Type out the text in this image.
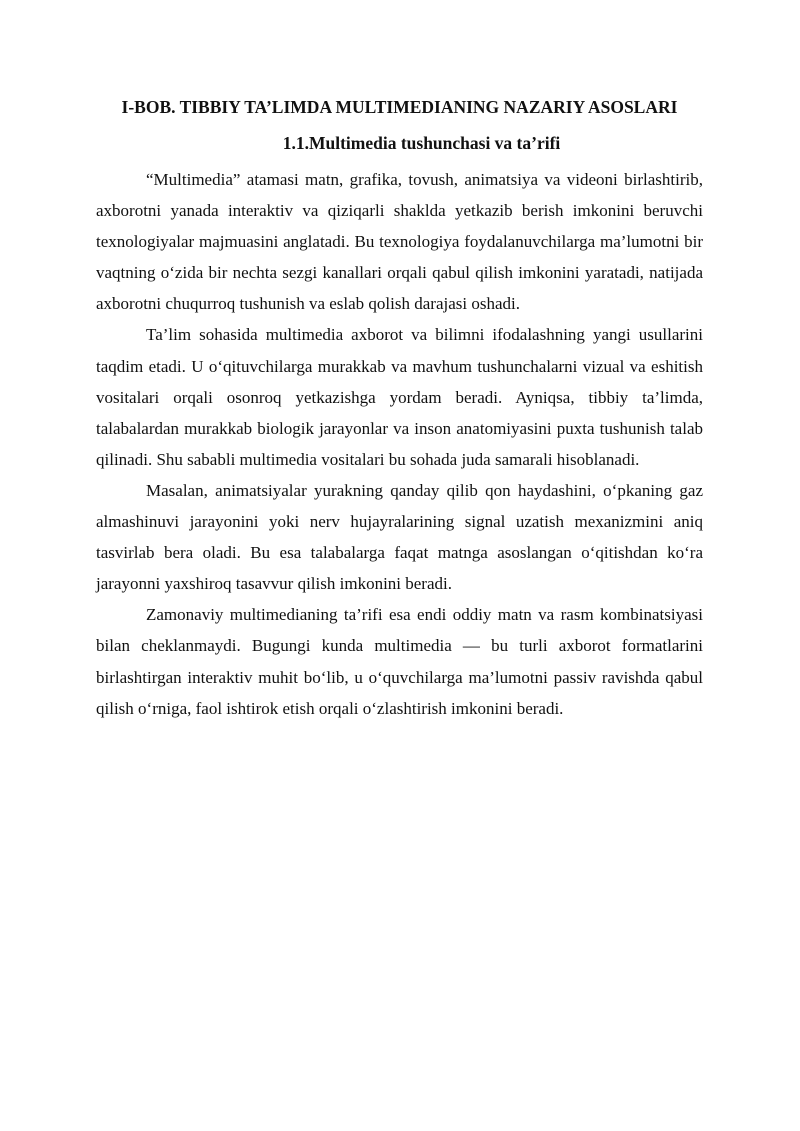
I-BOB. TIBBIY TA’LIMDA MULTIMEDIANING NAZARIY ASOSLARI
1.1.Multimedia tushunchasi va ta’rifi

“Multimedia” atamasi matn, grafika, tovush, animatsiya va videoni birlashtirib, axborotni yanada interaktiv va qiziqarli shaklda yetkazib berish imkonini beruvchi texnologiyalar majmuasini anglatadi. Bu texnologiya foydalanuvchilarga ma’lumotni bir vaqtning o‘zida bir nechta sezgi kanallari orqali qabul qilish imkonini yaratadi, natijada axborotni chuqurroq tushunish va eslab qolish darajasi oshadi.

Ta’lim sohasida multimedia axborot va bilimni ifodalashning yangi usullarini taqdim etadi. U o‘qituvchilarga murakkab va mavhum tushunchalarni vizual va eshitish vositalari orqali osonroq yetkazishga yordam beradi. Ayniqsa, tibbiy ta’limda, talabalardan murakkab biologik jarayonlar va inson anatomiyasini puxta tushunish talab qilinadi. Shu sababli multimedia vositalari bu sohada juda samarali hisoblanadi.

Masalan, animatsiyalar yurakning qanday qilib qon haydashini, o‘pkaning gaz almashinuvi jarayonini yoki nerv hujayralarining signal uzatish mexanizmini aniq tasvirlab bera oladi. Bu esa talabalarga faqat matnga asoslangan o‘qitishdan ko‘ra jarayonni yaxshiroq tasavvur qilish imkonini beradi.

Zamonaviy multimedianing ta’rifi esa endi oddiy matn va rasm kombinatsiyasi bilan cheklanmaydi. Bugungi kunda multimedia — bu turli axborot formatlarini birlashtirgan interaktiv muhit bo‘lib, u o‘quvchilarga ma’lumotni passiv ravishda qabul qilish o‘rniga, faol ishtirok etish orqali o‘zlashtirish imkonini beradi.
